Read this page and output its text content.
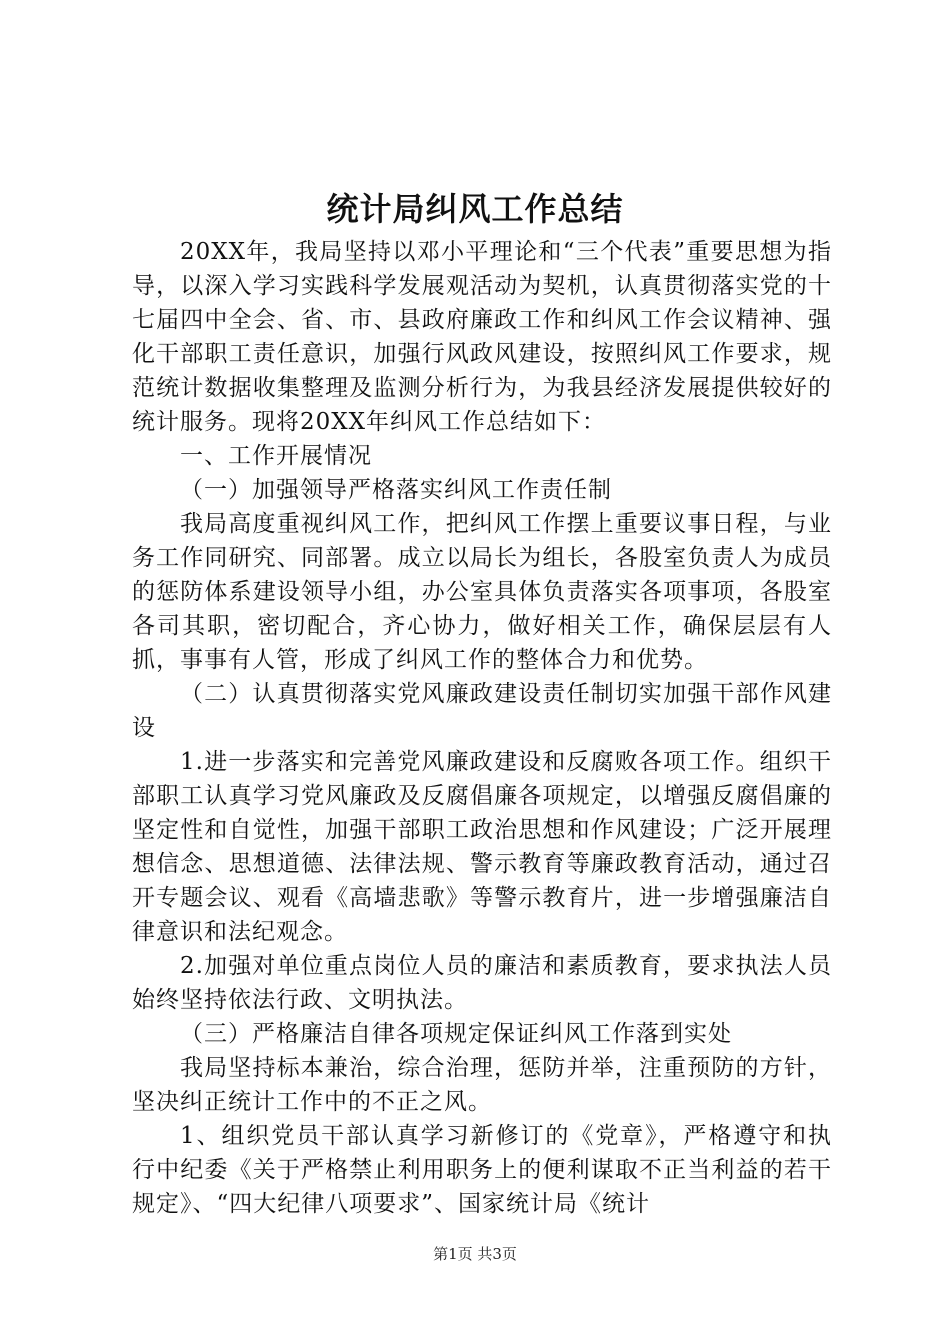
统计局纠风工作总结

20XX年，我局坚持以邓小平理论和“三个代表”重要思想为指导，以深入学习实践科学发展观活动为契机，认真贯彻落实党的十七届四中全会、省、市、县政府廉政工作和纠风工作会议精神、强化干部职工责任意识，加强行风政风建设，按照纠风工作要求，规范统计数据收集整理及监测分析行为，为我县经济发展提供较好的统计服务。现将20XX年纠风工作总结如下：

一、工作开展情况

（一）加强领导严格落实纠风工作责任制

我局高度重视纠风工作，把纠风工作摆上重要议事日程，与业务工作同研究、同部署。成立以局长为组长，各股室负责人为成员的惩防体系建设领导小组，办公室具体负责落实各项事项，各股室各司其职，密切配合，齐心协力，做好相关工作，确保层层有人抓，事事有人管，形成了纠风工作的整体合力和优势。

（二）认真贯彻落实党风廉政建设责任制切实加强干部作风建设

1.进一步落实和完善党风廉政建设和反腐败各项工作。组织干部职工认真学习党风廉政及反腐倡廉各项规定，以增强反腐倡廉的坚定性和自觉性，加强干部职工政治思想和作风建设；广泛开展理想信念、思想道德、法律法规、警示教育等廉政教育活动，通过召开专题会议、观看《高墙悲歌》等警示教育片，进一步增强廉洁自律意识和法纪观念。

2.加强对单位重点岗位人员的廉洁和素质教育，要求执法人员始终坚持依法行政、文明执法。

（三）严格廉洁自律各项规定保证纠风工作落到实处

我局坚持标本兼治，综合治理，惩防并举，注重预防的方针，坚决纠正统计工作中的不正之风。

1、组织党员干部认真学习新修订的《党章》，严格遵守和执行中纪委《关于严格禁止利用职务上的便利谋取不正当利益的若干规定》、“四大纪律八项要求”、国家统计局《统计

第1页 共3页
